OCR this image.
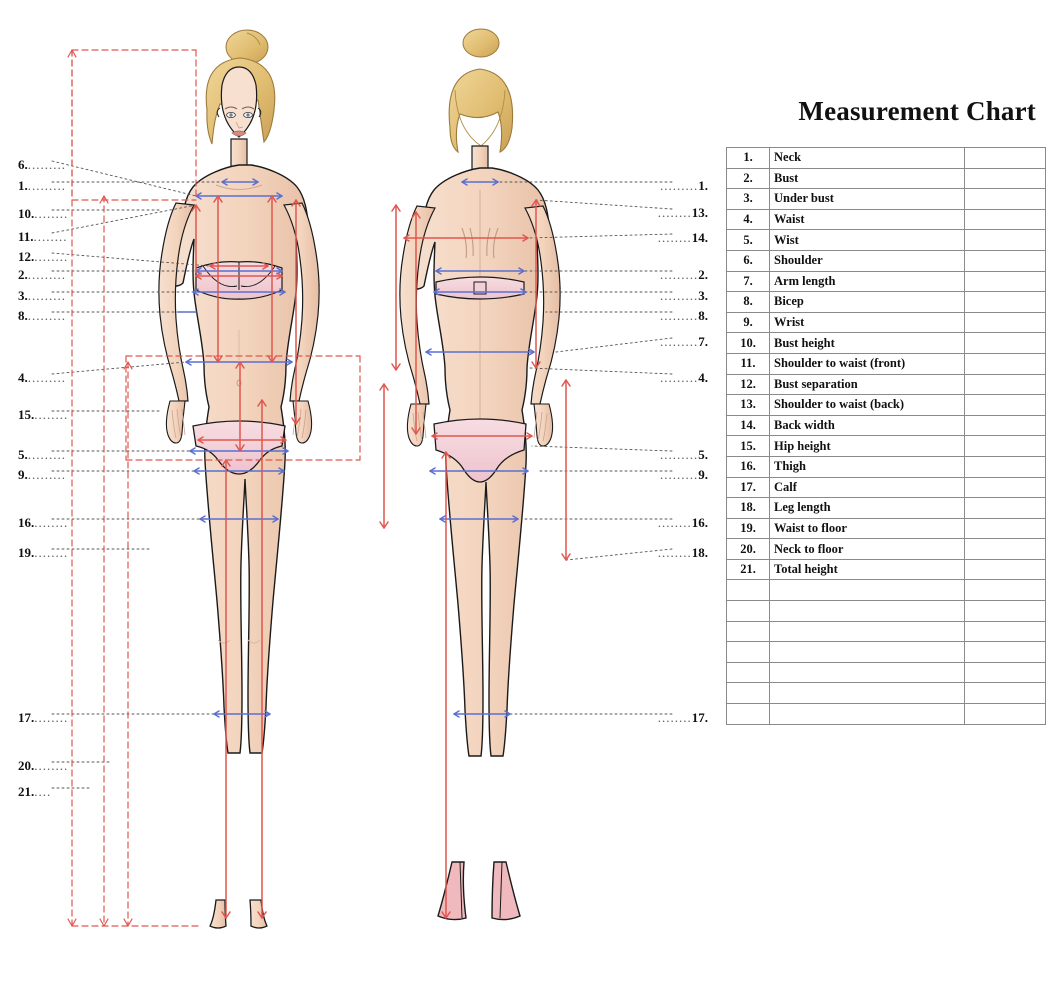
6..........
1..........
10.........
11.........
12.........
2..........
3..........
8..........
4..........
15.........
5..........
9..........
16.........
19.........
17.........
20.........
21.....
.........1.
........13.
........14.
.........2.
.........3.
.........8.
.........7.
.........4.
.........5.
.........9.
........16.
........18.
........17.
Measurement Chart
1.	Neck	
2.	Bust	
3.	Under bust	
4.	Waist	
5.	Wist	
6.	Shoulder	
7.	Arm length	
8.	Bicep	
9.	Wrist	
10.	Bust height	
11.	Shoulder to waist (front)	
12.	Bust separation	
13.	Shoulder to waist (back)	
14.	Back width	
15.	Hip height	
16.	Thigh	
17.	Calf	
18.	Leg length	
19.	Waist to floor	
20.	Neck to floor	
21.	Total height	
